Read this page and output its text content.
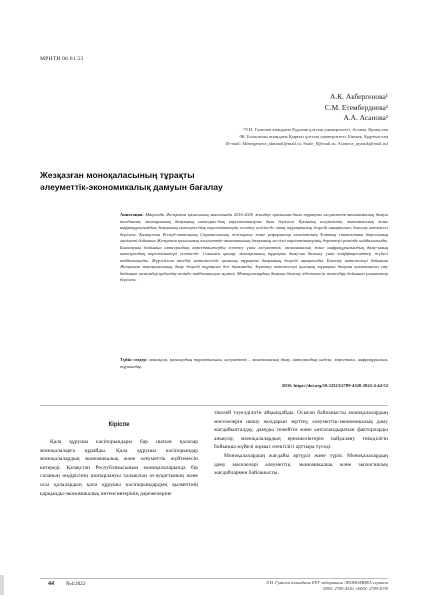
МРНТИ 06.61.53
А.К. Акбергенова¹
С.М. Етембердиева²
А.А. Асанова²
¹Л.Н. Гумилев атындағы Еуразия ұлттық университеті, Астана, Қазақстан
²Ж. Баласағын атындағы Қырғыз ұлттық университеті, Бішкек, Қырғызстан
(E-mail: Akbergenova_akmaral@mail.ru, Saule_8@mail.ru, Asanova_ayzatik@mail.ru)
Жезқазған моноқаласының тұрақты
әлеуметтік-экономикалық дамуын бағалау
Аннотация. Мақалада Жезқазған қаласының мысалында 2016-2020 жылдар аралығын-дағы тұрақты әлеуметтік-экономикалық дамуы талданған, моноқаланың дамуының интеграл-дық көрсеткіштеріне баға берілген. Қаланың әлеуметтік, экономикалық және инфрақұрылымдық дамуының интеграл-дық көрсеткіштерін есептеу негізін-де оның тұрақтылық деңгейі анықталып, бағалау нәтижесі берілген. Қазақстан Респуб-ликасының Стратегиялық жоспарлау және реформалар агенттігінің Ұлттық статистика бюросының мәліметі бойынша Жезқазған қаласының әлеуметтік-экономикалық дамуының не-гізгі көрсеткіштерінің деректері ретінде пайдаланылды. Бағалаушы бойынша интегралдық көрсеткіштердің есептеу үшін әлеуметтік, экономикалық және инфрақұрылымдық даму-ының интегралдық көрсеткіштері есептелді. Сонымен қатар, моноқаланың тұрақты даму-ын бағалау үшін коэффициенттер жүйесі пайдаланылды. Жүргізілген талдау нәтижесінде қаланың тұрақты дамуының деңгейі анықталды. Бағалау нәтижелері бойынша Жезқазған моноқаласының даму деңгейі тұрақсыз деп бағаланды. Зерттеу нәтижелері қаланың тұрақты дамуын қамтамасыз ету бойынша шешімдер қабылдау кезінде пайдаланылуы мүмкін. Моноқалалардың дамуын бағалау әдістемесін жетілдіру бойынша ұсыныстар берілген.
Түйін сөздер: моноқала, қалалардың тұрақтылығы, әлеуметтік – экономикалық даму, интегралдық индекс, көрсеткіш, инфрақұрылым, тұрғындар.
DOI: https://doi.org/10.32523/2789-4320-2022-4-44-52
Кіріспе

Қала құрушы кәсіпорындары бар шағын қалалар моноқалаларға құрайды. Қала құрушы кәсіпорындар моноқалалардың экономикалық және әлеуметтік жүйтемесін көтереді. Қазақстан Республикасының моноқалаларында бір саланың өндірісінің шоғырлануы халықтың аз-ауқаттының және осы қалалардың қала құрушы кәсіпорындардың қызметінің қарқынды-экономикалық интенсивтерінің дәрежелеріне

тікелей тәуелділігін айқындайды. Осыған байланысты моноқалалардың мәселелерін шешу жолдарын зерттеу, әлеуметтік-экономикалық даму жағдайынталдау, дамуды тежейтін және ынталандыратын факторларды анықтау, моноқалалардың ерекшеліктерін пайдалану тиімділігін бойынша жүйелі жұмыс өзектілігі арттыра түседі.

Моноқалалардың жағдайы әртүрлі және түрлі. Моноқалалардың даму мәселелері әлеуметтік, экономикалық және экологиялық жағдайлармен байланысты,

44 №4/2022	Л.Н. Гумилев атындағы ЕҰУ хабаршысы ЭКОНОМИКА сериясы
ISSN: 2789-4320, eISSN: 2789-4339
